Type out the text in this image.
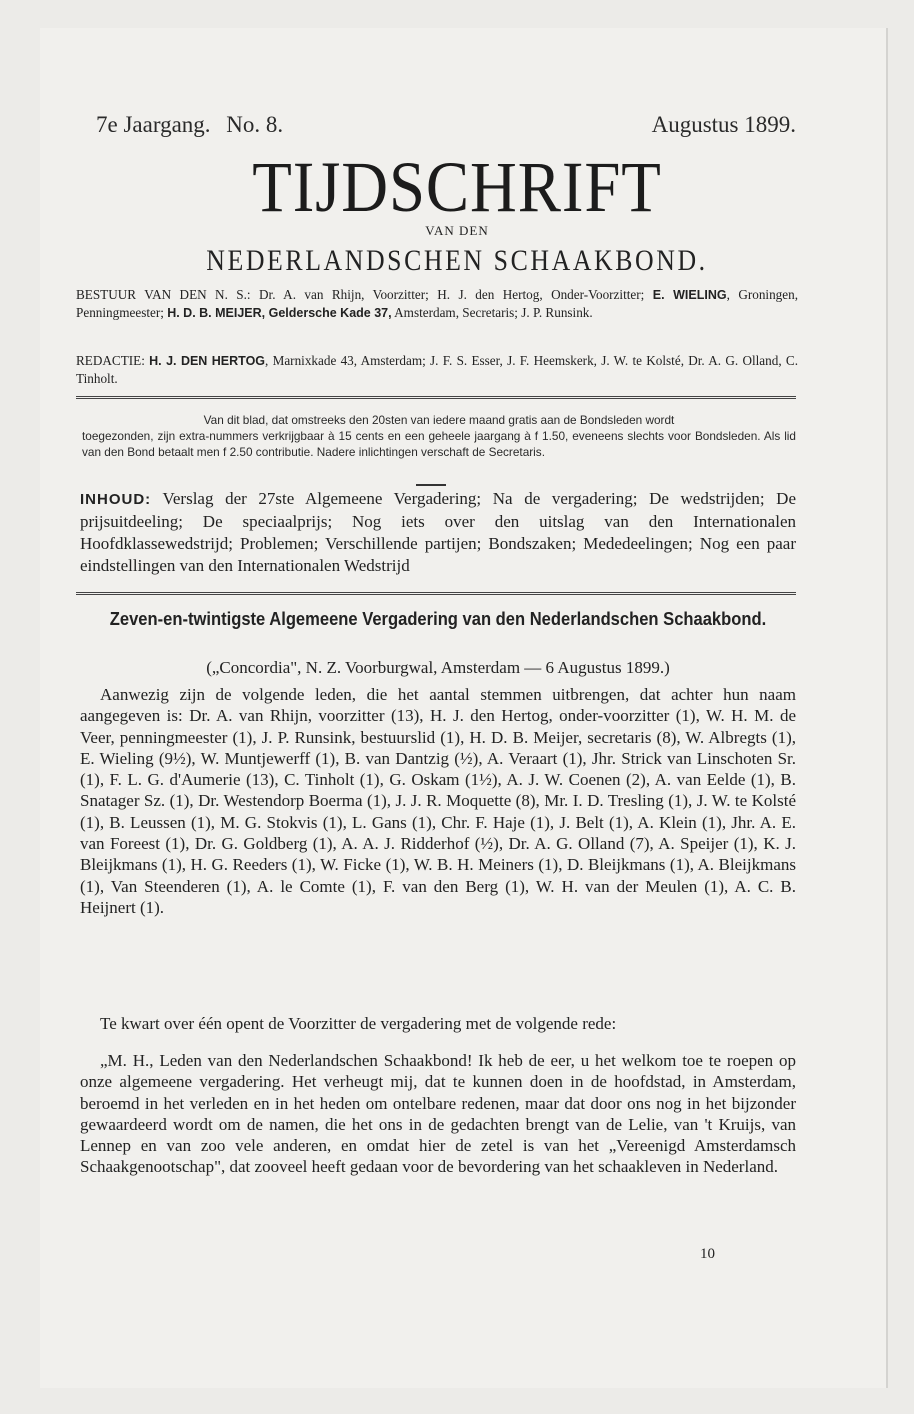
7e Jaargang. No. 8.	Augustus 1899.
TIJDSCHRIFT
VAN DEN
NEDERLANDSCHEN SCHAAKBOND.
BESTUUR VAN DEN N. S.: Dr. A. van Rhijn, Voorzitter; H. J. den Hertog, Onder-Voorzitter; E. WIELING, Groningen, Penningmeester; H. D. B. MEIJER, Geldersche Kade 37, Amsterdam, Secretaris; J. P. Runsink.
REDACTIE: H. J. DEN HERTOG, Marnixkade 43, Amsterdam; J. F. S. Esser, J. F. Heemskerk, J. W. te Kolsté, Dr. A. G. Olland, C. Tinholt.

Van dit blad, dat omstreeks den 20sten van iedere maand gratis aan de Bondsleden wordt

toegezonden, zijn extra-nummers verkrijgbaar à 15 cents en een geheele jaargang à f 1.50, eveneens slechts voor Bondsleden. Als lid van den Bond betaalt men f 2.50 contributie. Nadere inlichtingen verschaft de Secretaris.

INHOUD: Verslag der 27ste Algemeene Vergadering; Na de vergadering; De wedstrijden; De prijsuitdeeling; De speciaalprijs; Nog iets over den uitslag van den Internationalen Hoofdklassewedstrijd; Problemen; Verschillende partijen; Bondszaken; Mededeelingen; Nog een paar eindstellingen van den Internationalen Wedstrijd
Zeven-en-twintigste Algemeene Vergadering van den Nederlandschen Schaakbond.
(„Concordia", N. Z. Voorburgwal, Amsterdam — 6 Augustus 1899.)

Aanwezig zijn de volgende leden, die het aantal stemmen uitbrengen, dat achter hun naam aangegeven is: Dr. A. van Rhijn, voorzitter (13), H. J. den Hertog, onder-voorzitter (1), W. H. M. de Veer, penningmeester (1), J. P. Runsink, bestuurslid (1), H. D. B. Meijer, secretaris (8), W. Albregts (1), E. Wieling (9½), W. Muntjewerff (1), B. van Dantzig (½), A. Veraart (1), Jhr. Strick van Linschoten Sr. (1), F. L. G. d'Aumerie (13), C. Tinholt (1), G. Oskam (1½), A. J. W. Coenen (2), A. van Eelde (1), B. Snatager Sz. (1), Dr. Westendorp Boerma (1), J. J. R. Moquette (8), Mr. I. D. Tresling (1), J. W. te Kolsté (1), B. Leussen (1), M. G. Stokvis (1), L. Gans (1), Chr. F. Haje (1), J. Belt (1), A. Klein (1), Jhr. A. E. van Foreest (1), Dr. G. Goldberg (1), A. A. J. Ridderhof (½), Dr. A. G. Olland (7), A. Speijer (1), K. J. Bleijkmans (1), H. G. Reeders (1), W. Ficke (1), W. B. H. Meiners (1), D. Bleijkmans (1), A. Bleijkmans (1), Van Steenderen (1), A. le Comte (1), F. van den Berg (1), W. H. van der Meulen (1), A. C. B. Heijnert (1).

Te kwart over één opent de Voorzitter de vergadering met de volgende rede:

„M. H., Leden van den Nederlandschen Schaakbond! Ik heb de eer, u het welkom toe te roepen op onze algemeene vergadering. Het verheugt mij, dat te kunnen doen in de hoofdstad, in Amsterdam, beroemd in het verleden en in het heden om ontelbare redenen, maar dat door ons nog in het bijzonder gewaardeerd wordt om de namen, die het ons in de gedachten brengt van de Lelie, van 't Kruijs, van Lennep en van zoo vele anderen, en omdat hier de zetel is van het „Vereenigd Amsterdamsch Schaakgenootschap", dat zooveel heeft gedaan voor de bevordering van het schaakleven in Nederland.

10
